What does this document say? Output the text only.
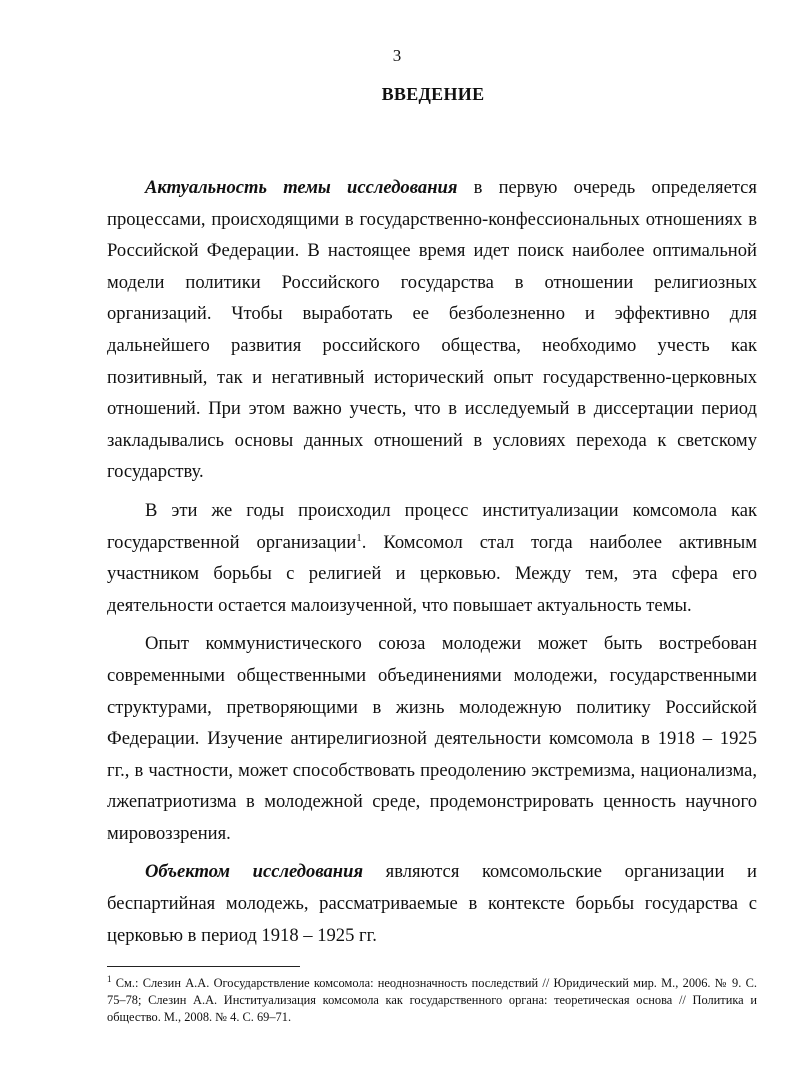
3
ВВЕДЕНИЕ

Актуальность темы исследования в первую очередь определяется процессами, происходящими в государственно-конфессиональных отношениях в Российской Федерации. В настоящее время идет поиск наиболее оптимальной модели политики Российского государства в отношении религиозных организаций. Чтобы выработать ее безболезненно и эффективно для дальнейшего развития российского общества, необходимо учесть как позитивный, так и негативный исторический опыт государственно-церковных отношений. При этом важно учесть, что в исследуемый в диссертации период закладывались основы данных отношений в условиях перехода к светскому государству.

В эти же годы происходил процесс институализации комсомола как государственной организации$^1$. Комсомол стал тогда наиболее активным участником борьбы с религией и церковью. Между тем, эта сфера его деятельности остается малоизученной, что повышает актуальность темы.

Опыт коммунистического союза молодежи может быть востребован современными общественными объединениями молодежи, государственными структурами, претворяющими в жизнь молодежную политику Российской Федерации. Изучение антирелигиозной деятельности комсомола в 1918 – 1925 гг., в частности, может способствовать преодолению экстремизма, национализма, лжепатриотизма в молодежной среде, продемонстрировать ценность научного мировоззрения.

Объектом исследования являются комсомольские организации и беспартийная молодежь, рассматриваемые в контексте борьбы государства с церковью в период 1918 – 1925 гг.

$^1$ См.: Слезин А.А. Огосударствление комсомола: неоднозначность последствий // Юридический мир. М., 2006. № 9. С. 75–78; Слезин А.А. Институализация комсомола как государственного органа: теоретическая основа // Политика и общество. М., 2008. № 4. С. 69–71.
